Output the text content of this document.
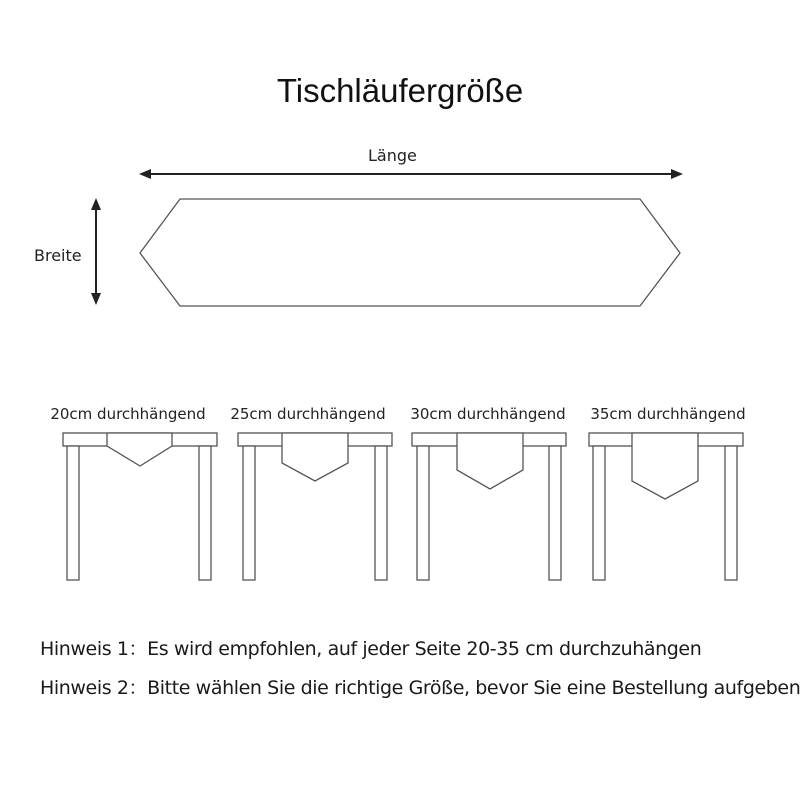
Tischläufergröße
Länge
Breite
20cm durchhängend	25cm durchhängend	30cm durchhängend	35cm durchhängend
Hinweis 1：Es wird empfohlen, auf jeder Seite 20-35 cm durchzuhängen
Hinweis 2：Bitte wählen Sie die richtige Größe, bevor Sie eine Bestellung aufgeben
